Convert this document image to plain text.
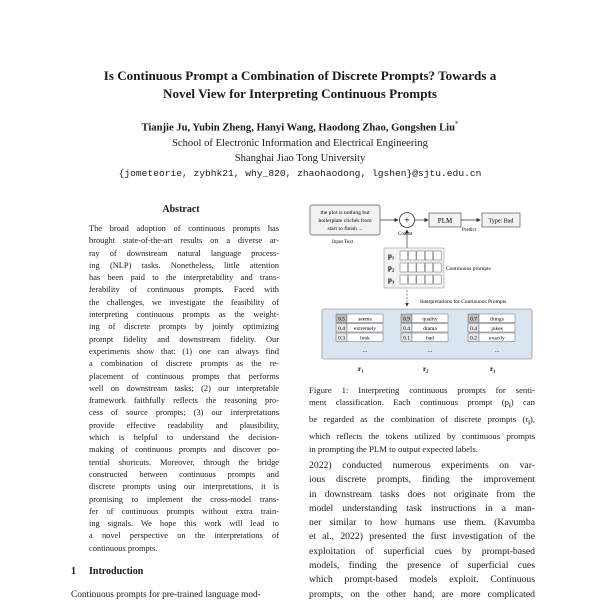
Is Continuous Prompt a Combination of Discrete Prompts? Towards a
Novel View for Interpreting Continuous Prompts
Tianjie Ju, Yubin Zheng, Hanyi Wang, Haodong Zhao, Gongshen Liu*
School of Electronic Information and Electrical Engineering
Shanghai Jiao Tong University
{jometeorie, zybhk21, why_820, zhaohaodong, lgshen}@sjtu.edu.cn
Abstract
The broad adoption of continuous prompts has
brought state-of-the-art results on a diverse ar-
ray of downstream natural language process-
ing (NLP) tasks. Nonetheless, little attention
has been paid to the interpretability and trans-
ferability of continuous prompts. Faced with
the challenges, we investigate the feasibility of
interpreting continuous prompts as the weight-
ing of discrete prompts by jointly optimizing
prompt fidelity and downstream fidelity. Our
experiments show that: (1) one can always find
a combination of discrete prompts as the re-
placement of continuous prompts that performs
well on downstream tasks; (2) our interpretable
framework faithfully reflects the reasoning pro-
cess of source prompts; (3) our interpretations
provide effective readability and plausibility,
which is helpful to understand the decision-
making of continuous prompts and discover po-
tential shortcuts. Moreover, through the bridge
constructed between continuous prompts and
discrete prompts using our interpretations, it is
promising to implement the cross-model trans-
fer of continuous prompts without extra train-
ing signals. We hope this work will lead to
a novel perspective on the interpretations of
continuous prompts.
1 Introduction
Continuous prompts for pre-trained language mod-
the plot is nothing but
boilerplate clichés from
start to finish ...
Input Text
+
Concat
PLM
Predict
Type: Bad
$p_1$
$p_2$
$p_3$
Continuous prompts
Interpretations for Continuous Prompts
0.5 seems
0.4 extremely
0.3	look
...
$r_1$
0.9 quality
0.4 drama
0.1	bad
...
$r_2$
0.7 things
0.4	jokes
0.2 exactly
...
$r_3$
Figure 1: Interpreting continuous prompts for senti-
ment classification. Each continuous prompt $(p_i)$ can
be regarded as the combination of discrete prompts $(r_i)$,
which reflects the tokens utilized by continuous prompts
in prompting the PLM to output expected labels.
2022) conducted numerous experiments on var-
ious discrete prompts, finding the improvement
in downstream tasks does not originate from the
model understanding task instructions in a man-
ner similar to how humans use them. (Kavumba
et al., 2022) presented the first investigation of the
exploitation of superficial cues by prompt-based
models, finding the presence of superficial cues
which prompt-based models exploit. Continuous
prompts, on the other hand, are more complicated
